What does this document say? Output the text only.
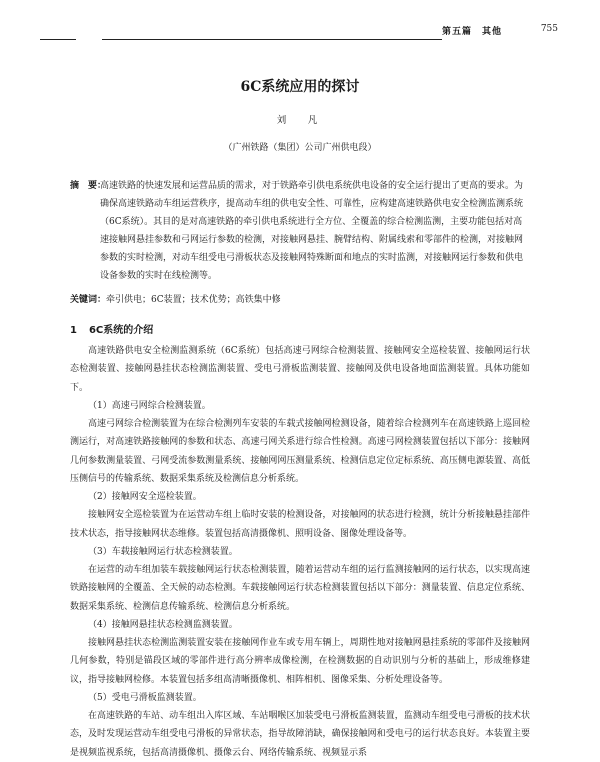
第五篇　其他	755
6C系统应用的探讨
刘　凡
（广州铁路（集团）公司广州供电段）
摘　要：
高速铁路的快速发展和运营品质的需求，对于铁路牵引供电系统供电设备的安全运行提出了更高的要求。为确保高速铁路动车组运营秩序，提高动车组的供电安全性、可靠性，应构建高速铁路供电安全检测监测系统（6C系统）。其目的是对高速铁路的牵引供电系统进行全方位、全覆盖的综合检测监测，主要功能包括对高速接触网悬挂参数和弓网运行参数的检测，对接触网悬挂、腕臂结构、附属线索和零部件的检测，对接触网参数的实时检测，对动车组受电弓滑板状态及接触网特殊断面和地点的实时监测，对接触网运行参数和供电设备参数的实时在线检测等。
关键词：牵引供电；6C装置；技术优势；高铁集中修
1 6C系统的介绍

高速铁路供电安全检测监测系统（6C系统）包括高速弓网综合检测装置、接触网安全巡检装置、接触网运行状态检测装置、接触网悬挂状态检测监测装置、受电弓滑板监测装置、接触网及供电设备地面监测装置。具体功能如下。

（1）高速弓网综合检测装置。

高速弓网综合检测装置为在综合检测列车安装的车载式接触网检测设备，随着综合检测列车在高速铁路上巡回检测运行，对高速铁路接触网的参数和状态、高速弓网关系进行综合性检测。高速弓网检测装置包括以下部分：接触网几何参数测量装置、弓网受流参数测量系统、接触网网压测量系统、检测信息定位定标系统、高压侧电源装置、高低压侧信号的传输系统、数据采集系统及检测信息分析系统。

（2）接触网安全巡检装置。

接触网安全巡检装置为在运营动车组上临时安装的检测设备，对接触网的状态进行检测，统计分析接触悬挂部件技术状态，指导接触网状态维修。装置包括高清摄像机、照明设备、图像处理设备等。

（3）车载接触网运行状态检测装置。

在运营的动车组加装车载接触网运行状态检测装置，随着运营动车组的运行监测接触网的运行状态，以实现高速铁路接触网的全覆盖、全天候的动态检测。车载接触网运行状态检测装置包括以下部分：测量装置、信息定位系统、数据采集系统、检测信息传输系统、检测信息分析系统。

（4）接触网悬挂状态检测监测装置。

接触网悬挂状态检测监测装置安装在接触网作业车或专用车辆上，周期性地对接触网悬挂系统的零部件及接触网几何参数，特别是锚段区域的零部件进行高分辨率成像检测，在检测数据的自动识别与分析的基础上，形成维修建议，指导接触网检修。本装置包括多组高清晰摄像机、相阵相机、图像采集、分析处理设备等。

（5）受电弓滑板监测装置。

在高速铁路的车站、动车组出入库区域、车站咽喉区加装受电弓滑板监测装置，监测动车组受电弓滑板的技术状态，及时发现运营动车组受电弓滑板的异常状态，指导故障消缺，确保接触网和受电弓的运行状态良好。本装置主要是视频监视系统，包括高清摄像机、摄像云台、网络传输系统、视频显示系
